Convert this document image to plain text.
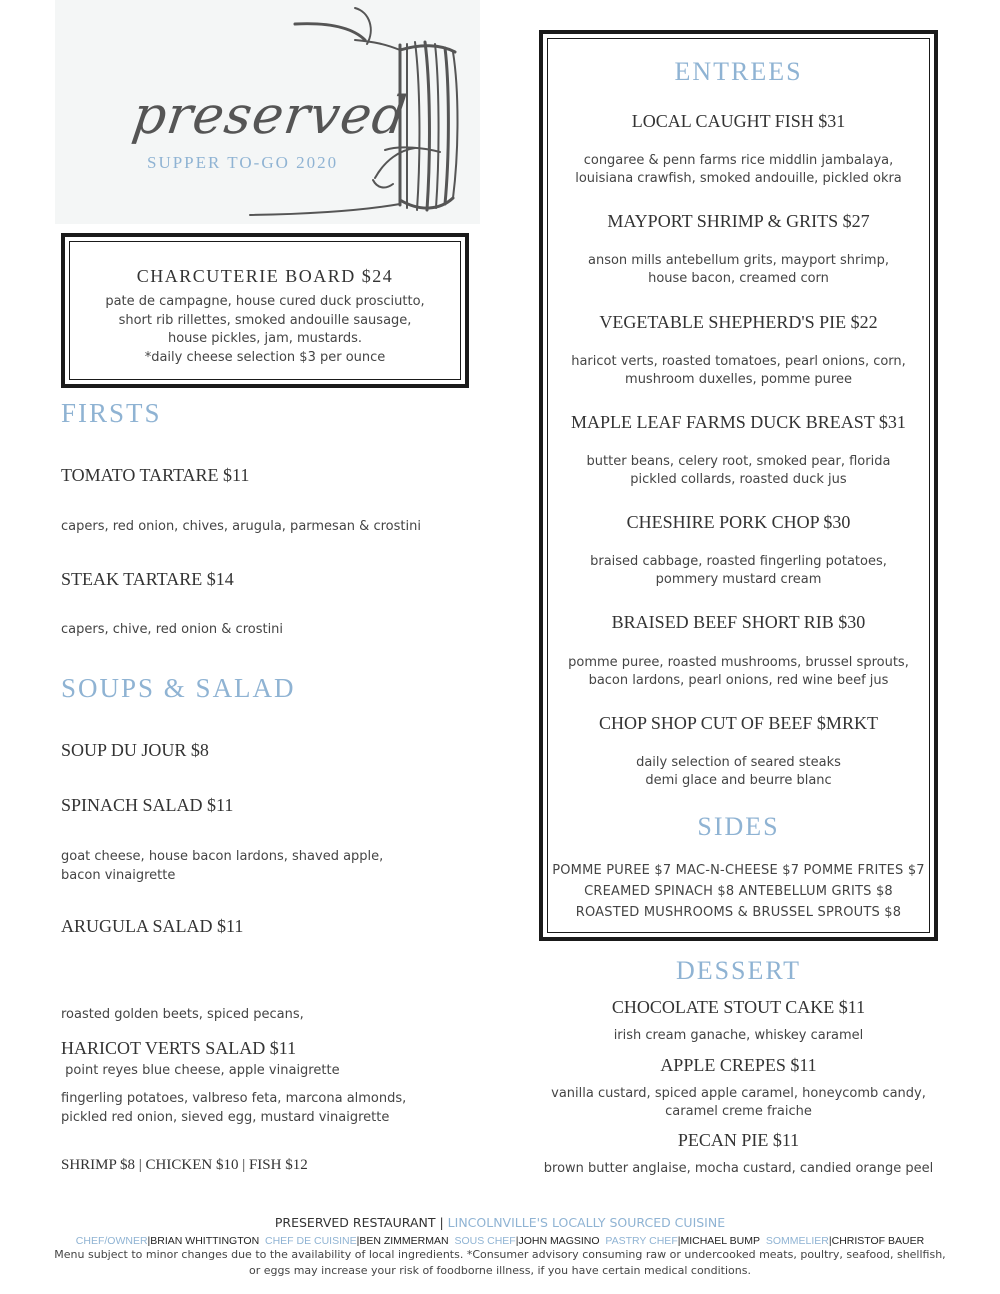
preserved
SUPPER TO-GO 2020
CHARCUTERIE BOARD $24
pate de campagne, house cured duck prosciutto,
short rib rillettes, smoked andouille sausage,
house pickles, jam, mustards.
*daily cheese selection $3 per ounce
FIRSTS
TOMATO TARTARE $11
capers, red onion, chives, arugula, parmesan & crostini
STEAK TARTARE $14
capers, chive, red onion & crostini
SOUPS & SALAD
SOUP DU JOUR $8
SPINACH SALAD $11
goat cheese, house bacon lardons, shaved apple,
bacon vinaigrette
ARUGULA SALAD $11

roasted golden beets, spiced pecans,

point reyes blue cheese, apple vinaigrette

HARICOT VERTS SALAD $11
fingerling potatoes, valbreso feta, marcona almonds,
pickled red onion, sieved egg, mustard vinaigrette
SHRIMP $8 | CHICKEN $10 | FISH $12
ENTREES
LOCAL CAUGHT FISH $31
congaree & penn farms rice middlin jambalaya,
louisiana crawfish, smoked andouille, pickled okra
MAYPORT SHRIMP & GRITS $27
anson mills antebellum grits, mayport shrimp,
house bacon, creamed corn
VEGETABLE SHEPHERD'S PIE $22
haricot verts, roasted tomatoes, pearl onions, corn,
mushroom duxelles, pomme puree
MAPLE LEAF FARMS DUCK BREAST $31
butter beans, celery root, smoked pear, florida
pickled collards, roasted duck jus
CHESHIRE PORK CHOP $30
braised cabbage, roasted fingerling potatoes,
pommery mustard cream
BRAISED BEEF SHORT RIB $30
pomme puree, roasted mushrooms, brussel sprouts,
bacon lardons, pearl onions, red wine beef jus
CHOP SHOP CUT OF BEEF $MRKT
daily selection of seared steaks
demi glace and beurre blanc
SIDES
POMME PUREE $7 MAC-N-CHEESE $7 POMME FRITES $7
CREAMED SPINACH $8 ANTEBELLUM GRITS $8
ROASTED MUSHROOMS & BRUSSEL SPROUTS $8
DESSERT
CHOCOLATE STOUT CAKE $11
irish cream ganache, whiskey caramel
APPLE CREPES $11
vanilla custard, spiced apple caramel, honeycomb candy,
caramel creme fraiche
PECAN PIE $11
brown butter anglaise, mocha custard, candied orange peel
PRESERVED RESTAURANT | LINCOLNVILLE'S LOCALLY SOURCED CUISINE
CHEF/OWNER|BRIAN WHITTINGTON CHEF DE CUISINE|BEN ZIMMERMAN SOUS CHEF|JOHN MAGSINO PASTRY CHEF|MICHAEL BUMP SOMMELIER|CHRISTOF BAUER
Menu subject to minor changes due to the availability of local ingredients. *Consumer advisory consuming raw or undercooked meats, poultry, seafood, shellfish, or eggs may increase your risk of foodborne illness, if you have certain medical conditions.
